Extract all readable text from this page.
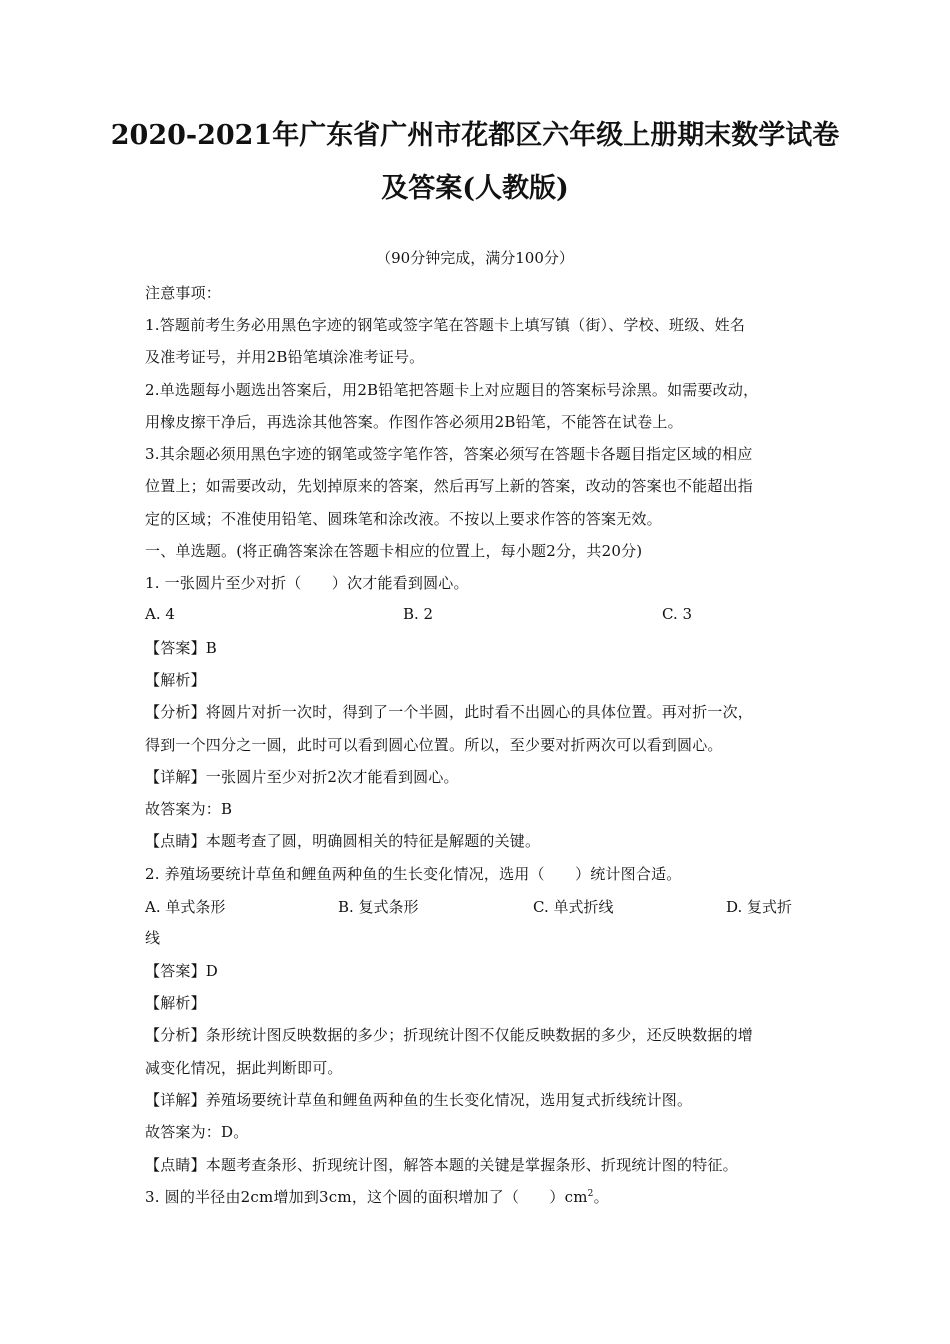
2020-2021年广东省广州市花都区六年级上册期末数学试卷
及答案(人教版)
（90分钟完成，满分100分）
注意事项：
1.答题前考生务必用黑色字迹的钢笔或签字笔在答题卡上填写镇（街）、学校、班级、姓名
及准考证号，并用2B铅笔填涂准考证号。
2.单选题每小题选出答案后，用2B铅笔把答题卡上对应题目的答案标号涂黑。如需要改动，
用橡皮擦干净后，再选涂其他答案。作图作答必须用2B铅笔，不能答在试卷上。
3.其余题必须用黑色字迹的钢笔或签字笔作答，答案必须写在答题卡各题目指定区域的相应
位置上；如需要改动，先划掉原来的答案，然后再写上新的答案，改动的答案也不能超出指
定的区域；不准使用铅笔、圆珠笔和涂改液。不按以上要求作答的答案无效。
一、单选题。(将正确答案涂在答题卡相应的位置上，每小题2分，共20分)
1. 一张圆片至少对折（　　）次才能看到圆心。
A. 4	B. 2	C. 3
【答案】B
【解析】
【分析】将圆片对折一次时，得到了一个半圆，此时看不出圆心的具体位置。再对折一次，
得到一个四分之一圆，此时可以看到圆心位置。所以，至少要对折两次可以看到圆心。
【详解】一张圆片至少对折2次才能看到圆心。
故答案为：B
【点睛】本题考查了圆，明确圆相关的特征是解题的关键。
2. 养殖场要统计草鱼和鲤鱼两种鱼的生长变化情况，选用（　　）统计图合适。
A. 单式条形	B. 复式条形	C. 单式折线	D. 复式折
线
【答案】D
【解析】
【分析】条形统计图反映数据的多少；折现统计图不仅能反映数据的多少，还反映数据的增
减变化情况，据此判断即可。
【详解】养殖场要统计草鱼和鲤鱼两种鱼的生长变化情况，选用复式折线统计图。
故答案为：D。
【点睛】本题考查条形、折现统计图，解答本题的关键是掌握条形、折现统计图的特征。
3. 圆的半径由2cm增加到3cm，这个圆的面积增加了（　　）$cm^2$。
